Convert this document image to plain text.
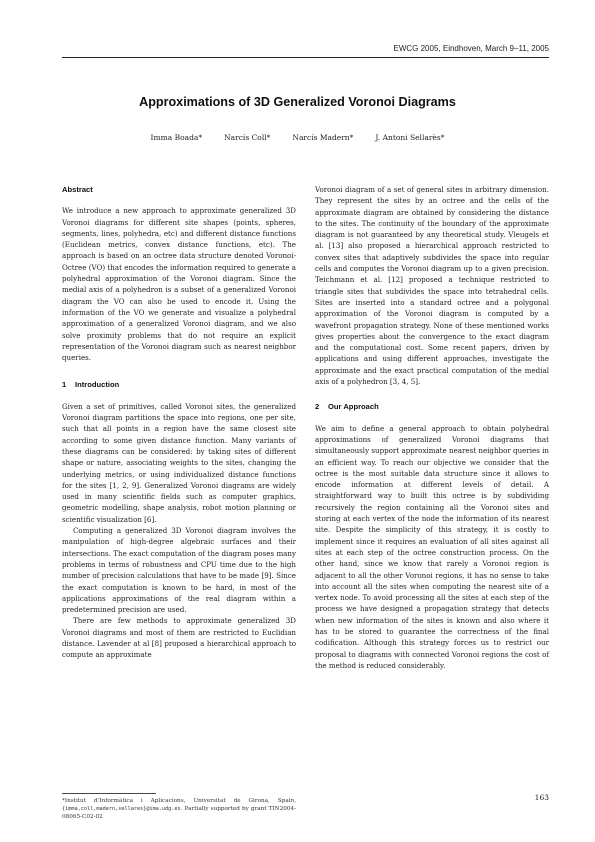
EWCG 2005, Eindhoven, March 9–11, 2005
Approximations of 3D Generalized Voronoi Diagrams
Imma Boada*	Narcís Coll*	Narcís Madern*	J. Antoni Sellarès*
Abstract

We introduce a new approach to approximate generalized 3D Voronoi diagrams for different site shapes (points, spheres, segments, lines, polyhedra, etc) and different distance functions (Euclidean metrics, convex distance functions, etc). The approach is based on an octree data structure denoted Voronoi-Octree (VO) that encodes the information required to generate a polyhedral approximation of the Voronoi diagram. Since the medial axis of a polyhedron is a subset of a generalized Voronoi diagram the VO can also be used to encode it. Using the information of the VO we generate and visualize a polyhedral approximation of a generalized Voronoi diagram, and we also solve proximity problems that do not require an explicit representation of the Voronoi diagram such as nearest neighbor queries.

1 Introduction

Given a set of primitives, called Voronoi sites, the generalized Voronoi diagram partitions the space into regions, one per site, such that all points in a region have the same closest site according to some given distance function. Many variants of these diagrams can be considered: by taking sites of different shape or nature, associating weights to the sites, changing the underlying metrics, or using individualized distance functions for the sites [1, 2, 9]. Generalized Voronoi diagrams are widely used in many scientific fields such as computer graphics, geometric modelling, shape analysis, robot motion planning or scientific visualization [6].

Computing a generalized 3D Voronoi diagram involves the manipulation of high-degree algebraic surfaces and their intersections. The exact computation of the diagram poses many problems in terms of robustness and CPU time due to the high number of precision calculations that have to be made [9]. Since the exact computation is known to be hard, in most of the applications approximations of the real diagram within a predetermined precision are used.

There are few methods to approximate generalized 3D Voronoi diagrams and most of them are restricted to Euclidian distance. Lavender at al [8] proposed a hierarchical approach to compute an approximate

Voronoi diagram of a set of general sites in arbitrary dimension. They represent the sites by an octree and the cells of the approximate diagram are obtained by considering the distance to the sites. The continuity of the boundary of the approximate diagram is not guaranteed by any theoretical study. Vleugels et al. [13] also proposed a hierarchical approach restricted to convex sites that adaptively subdivides the space into regular cells and computes the Voronoi diagram up to a given precision. Teichmann et al. [12] proposed a technique restricted to triangle sites that subdivides the space into tetrahedral cells. Sites are inserted into a standard octree and a polygonal approximation of the Voronoi diagram is computed by a wavefront propagation strategy. None of these mentioned works gives properties about the convergence to the exact diagram and the computational cost. Some recent papers, driven by applications and using different approaches, investigate the approximate and the exact practical computation of the medial axis of a polyhedron [3, 4, 5].

2 Our Approach

We aim to define a general approach to obtain polyhedral approximations of generalized Voronoi diagrams that simultaneously support approximate nearest neighbor queries in an efficient way. To reach our objective we consider that the octree is the most suitable data structure since it allows to encode information at different levels of detail. A straightforward way to built this octree is by subdividing recursively the region containing all the Voronoi sites and storing at each vertex of the node the information of its nearest site. Despite the simplicity of this strategy, it is costly to implement since it requires an evaluation of all sites against all sites at each step of the octree construction process. On the other hand, since we know that rarely a Voronoi region is adjacent to all the other Voronoi regions, it has no sense to take into account all the sites when computing the nearest site of a vertex node. To avoid processing all the sites at each step of the process we have designed a propagation strategy that detects when new information of the sites is known and also where it has to be stored to guarantee the correctness of the final codification. Although this strategy forces us to restrict our proposal to diagrams with connected Voronoi regions the cost of the method is reduced considerably.

*Institut d’Informàtica i Aplicacions, Universitat de Girona, Spain, {imma,coll,madern,sellares}@ima.udg.es. Partially supported by grant TIN2004-08065-C02-02

163
